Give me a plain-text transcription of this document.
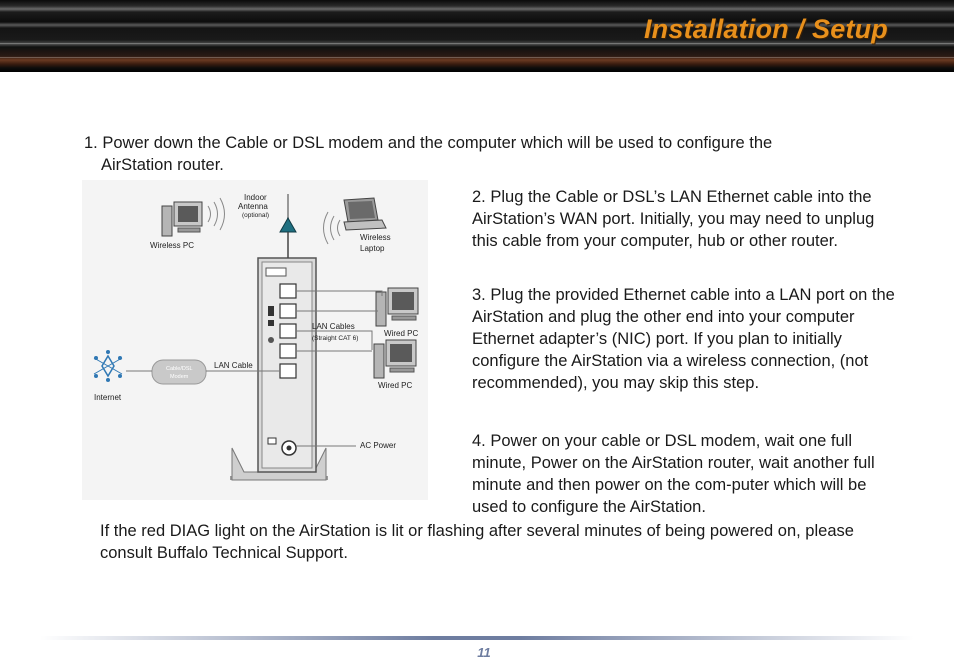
Installation / Setup
1. Power down the Cable or DSL modem and the computer which will be used to configure the
AirStation router.
Indoor
Antenna
(optional)
Wireless PC
Wireless
Laptop
Wired PC
Wired PC
LAN Cables
(Straight CAT 6)
Cable/DSL
Modem
LAN Cable
Internet
AC Power
2. Plug the Cable or DSL’s LAN Ethernet cable into the AirStation’s WAN port. Initially, you may need to unplug this cable from your computer, hub or other router.
3. Plug the provided Ethernet cable into a LAN port on the AirStation and plug the other end into your computer Ethernet adapter’s (NIC) port. If you plan to initially configure the AirStation via a wireless connection, (not recommended), you may skip this step.
4. Power on your cable or DSL modem, wait one full minute, Power on the AirStation router, wait another full minute and then power on the com-puter which will be used to configure the AirStation.
If the red DIAG light on the AirStation is lit or flashing after several minutes of being powered on, please consult Buffalo Technical Support.
11
